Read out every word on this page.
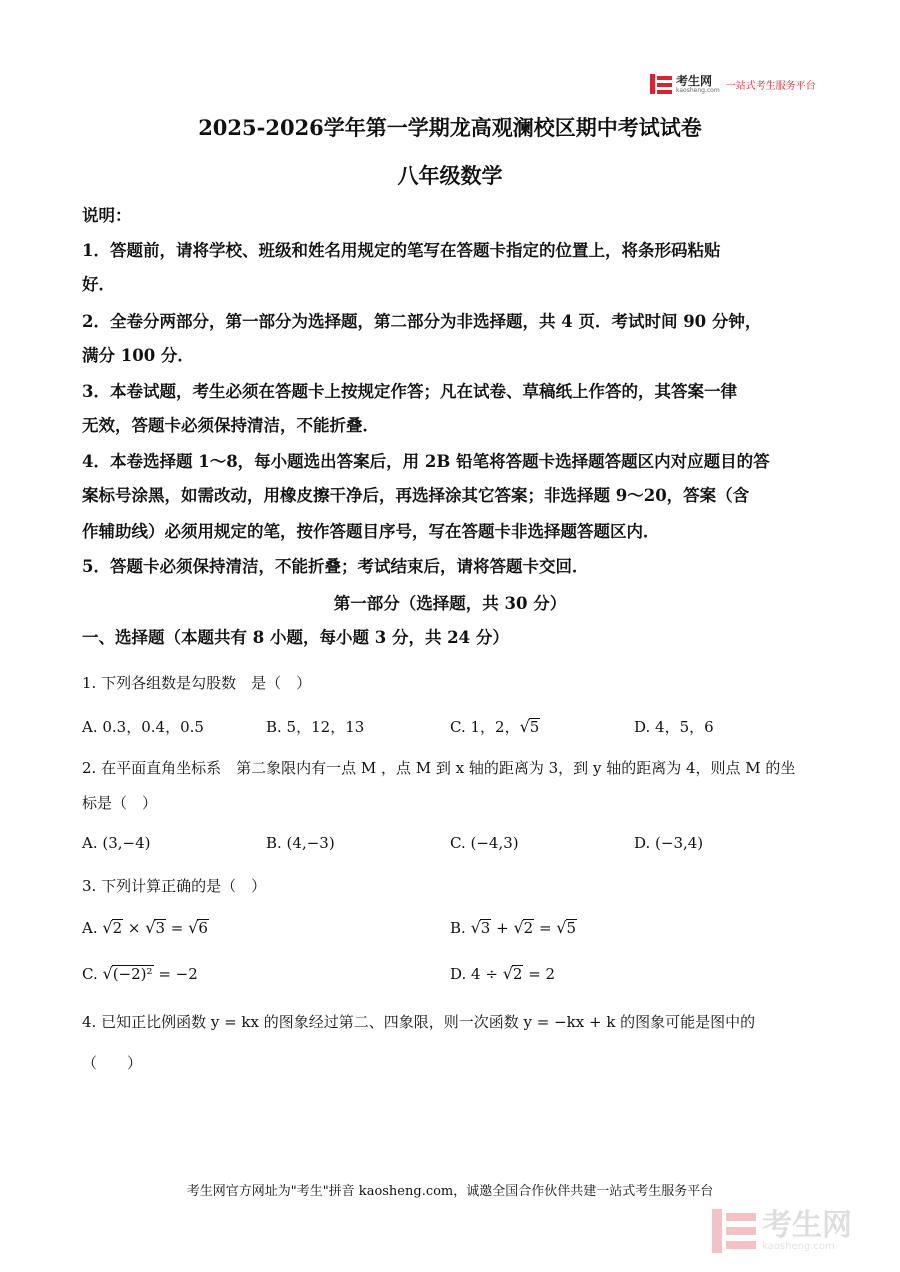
考生网
kaosheng.com 一站式考生服务平台
2025-2026学年第一学期龙高观澜校区期中考试试卷
八年级数学
说明：
1．答题前，请将学校、班级和姓名用规定的笔写在答题卡指定的位置上，将条形码粘贴
好．
2．全卷分两部分，第一部分为选择题，第二部分为非选择题，共 4 页．考试时间 90 分钟，
满分 100 分．
3．本卷试题，考生必须在答题卡上按规定作答；凡在试卷、草稿纸上作答的，其答案一律
无效，答题卡必须保持清洁，不能折叠．
4．本卷选择题 1～8，每小题选出答案后，用 2B 铅笔将答题卡选择题答题区内对应题目的答
案标号涂黑，如需改动，用橡皮擦干净后，再选择涂其它答案；非选择题 9～20，答案（含
作辅助线）必须用规定的笔，按作答题目序号，写在答题卡非选择题答题区内．
5．答题卡必须保持清洁，不能折叠；考试结束后，请将答题卡交回．
第一部分（选择题，共 30 分）
一、选择题（本题共有 8 小题，每小题 3 分，共 24 分）
1. 下列各组数是勾股数　是（　）
A. 0.3，0.4，0.5	B. 5，12，13	C. 1，2，√5	D. 4，5，6
2. 在平面直角坐标系　第二象限内有一点 M ，点 M 到 x 轴的距离为 3，到 y 轴的距离为 4，则点 M 的坐
标是（　）
A. (3,−4)	B. (4,−3)	C. (−4,3)	D. (−3,4)
3. 下列计算正确的是（　）
A. √2 × √3 = √6	B. √3 + √2 = √5
C. √(−2)² = −2	D. 4 ÷ √2 = 2
4. 已知正比例函数 y = kx 的图象经过第二、四象限，则一次函数 y = −kx + k 的图象可能是图中的
（　　）
考生网官方网址为"考生"拼音 kaosheng.com，诚邀全国合作伙伴共建一站式考生服务平台
考生网
kaosheng.com
